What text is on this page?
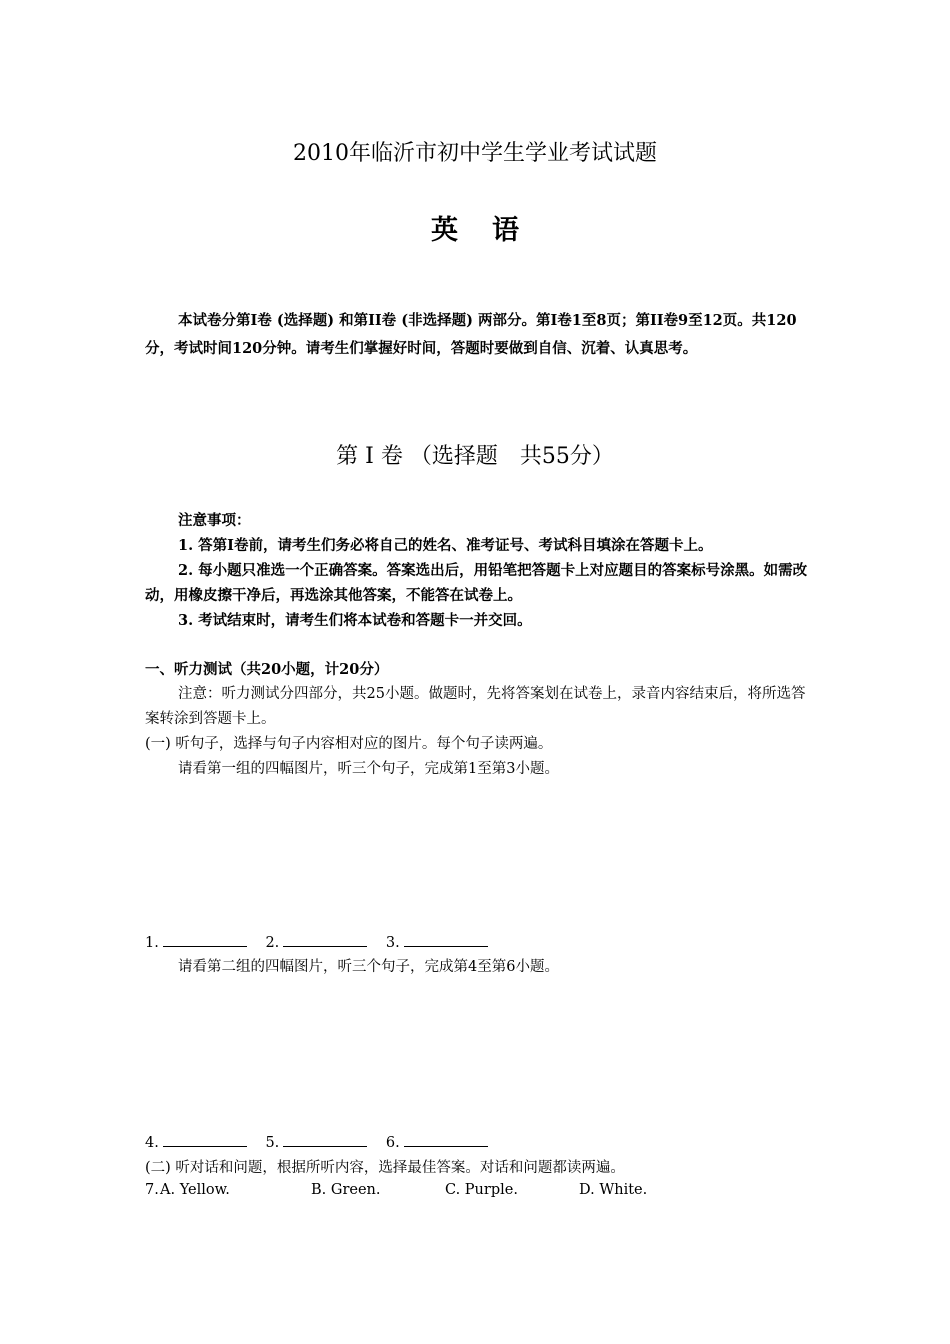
2010年临沂市初中学生学业考试试题
英语
本试卷分第I卷 (选择题) 和第II卷 (非选择题) 两部分。第I卷1至8页；第II卷9至12页。共120分，考试时间120分钟。请考生们掌握好时间，答题时要做到自信、沉着、认真思考。
第 I 卷 （选择题　共55分）
注意事项：
1. 答第I卷前，请考生们务必将自己的姓名、准考证号、考试科目填涂在答题卡上。
2. 每小题只准选一个正确答案。答案选出后，用铅笔把答题卡上对应题目的答案标号涂黑。如需改动，用橡皮擦干净后，再选涂其他答案，不能答在试卷上。
3. 考试结束时，请考生们将本试卷和答题卡一并交回。
一、听力测试（共20小题，计20分）
注意：听力测试分四部分，共25小题。做题时，先将答案划在试卷上，录音内容结束后，将所选答案转涂到答题卡上。
(一) 听句子，选择与句子内容相对应的图片。每个句子读两遍。
请看第一组的四幅图片，听三个句子，完成第1至第3小题。
1.	2.	3.
请看第二组的四幅图片，听三个句子，完成第4至第6小题。
4.	5.	6.
(二) 听对话和问题，根据所听内容，选择最佳答案。对话和问题都读两遍。
7. A. Yellow.	B. Green.	C. Purple.	D. White.
